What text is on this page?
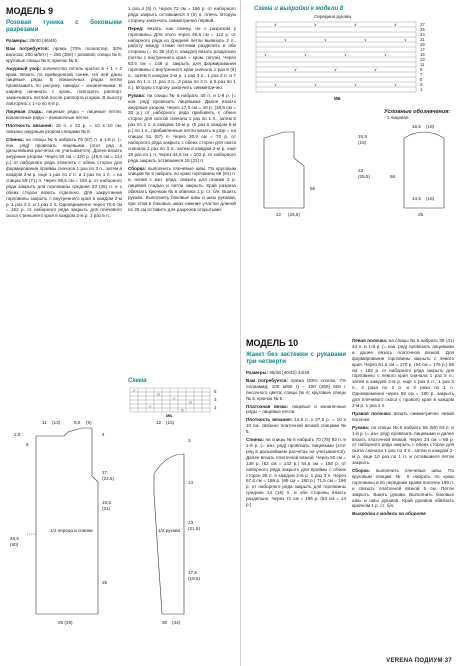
МОДЕЛЬ 9
Розовая туника с боковыми разрезами

Размеры: 38/40 (46/48)

Вам потребуется: пряжа (70% полиэстер, 30% вискоза; 200 м/50 г) – 250 (300) г розовой; спицы № 6; круговые спицы № 5; крючок № 6.

Ажурный узор: количество петель кратно 6 + 1 + 2 кром. Вязать по приведенной схеме. На ней даны лицевые ряды. В изнаночных рядах петли провязывать по рисунку, накиды – изнаночными. В ширину начинать с кром., повторять раппорт, заканчивать петлей после раппорта и кром. В высоту повторять с 1-го по 6-й р.

Лицевая гладь: лицевые ряды – лицевые петли, изнаночные ряды – изнаночные петли.

Плотность вязания: 15 п. х 23 р. = 10 х 10 см, связано ажурным узором спицами № 6.

Спинка: на спицы № 6 набрать 75 (87) п. и 1-й р. (= изн. ряд) провязать лицевыми (этот ряд в дальнейшем расчетах не учитывается). Далее вязать ажурным узором. Через 50 см = 120 р. (48,5 см = 114 р.) от наборного ряда отметить с обеих сторон для формирования проймы сначала 1 раз по 3 п., затем в каждом 2-м р. еще 1 раз по 2 п. и 1 раз по 1 п. = на спицах 59 (71) п. Через 69,5 см = 160 р. от наборного ряда закрыть для горловины средние 23 (25) п. и с обеих сторон вязать отдельно. Для закругления горловины закрыть с внутреннего края в каждом 2-м р. 1 раз 3 п. и 1 раз 2 п. Одновременно через 70,5 см = 162 р. от наборного ряда закрыть для плечевого скоса с внешнего края в каждом 2-м р. 1 раз 5 п.,

1 раз 4 (5) п. Через 72 см = 166 р. от наборного ряда закрыть оставшиеся 4 (5) п. плеча. Вторую сторону закончить симметрично первой.

Перед: вязать, как спинку, но с разрезом у горловины. Для этого через 48,5 см = 112 р. от наборного ряда из средней петли вывязать 2 п., работу между этими петлями разделить и обе стороны (= по 38 (44) п. каждая) вязать раздельно (петли с внутреннего края = кром. петли). Через 63,5 см = 146 р. закрыть для формирования горловины с внутреннего края сначала 1 раз 5 (6) п., затем в каждом 2-м р. 1 раз 3 п., 1 раз 2 п. и 7 раз по 1 п. (1 раз 3 п., 3 раза по 2 п. и 5 раз по 1 п.). Вторую сторону закончить симметрично.

Рукава: на спицы № 6 набрать 45 п. и 1-й р. (= изн. ряд) провязать лицевыми. Далее вязать ажурным узором. Через 17,5 см = 40 р. (18,5 см = 20 р.) от наборного ряда прибавить с обеих сторон для скосов сначала 1 раз по 1 п., затем 5 раз по 1 п. в каждом 10-м р. (5 раз в каждом 6-м р.) по 1 п., прибавленные петли вязать в узор = на спицах 51 (57) п. Через 30,5 см = 70 р. от наборного ряда закрыть с обеих сторон для оката сначала 1 раз по 3 п., затем в каждом 2-м р. еще 15 раз по 1 п. Через 44,5 см = 102 р. от наборного ряда закрыть оставшиеся 15 (21) п.

Сборка: выполнить плечевые швы. По круговым спицам № 5 набрать по краю горловины 69 (81) п. и, начав с изн. ряда, связать для планки 3 р. лицевой гладью и петли закрыть. Край разреза обвязать крючком № 6 обвязка 1 р. ст. б/н. Вшить рукава. Выполнить боковые швы и швы рукавов, при этом в боковых швах нижние участки длиной по 25 см оставить для разрезов открытыми.

Схема
∧
O
∧
O
∧
O
5
3
1
МБ
11 (13)	8,5 (9)
2,5
6
4
27
(24,5)
19,5
(21)
48,5
(50)
25
25 (29)
12 (15)
3
14
23
(21,5)
17,5
(18,5)
30 (34)
1/2 переда и спинки	1/2 рукава
Схема и выкройки к модели 8
Середина рукава
∨	∨	∨	∨
∨	∨	∨	∨
∨	∨	∨	∨
∨	∨	∨
∨	∨	∨	∨
27
25
23
21
19
17
15
13
11
9
7
5
3
1
МБ
Условные обозначения:
- 1 лицевая
15,5
(16)
23
(25,5)
56
22 (25,5)
16,5 (18)
56
14,5 (16)
25
МОДЕЛЬ 10
Жакет без застежки с рукавами три четверти

Размеры: 36/38 (40/42) 44/46

Вам потребуется: пряжа (93% хлопок, 7% полиамид; 100 м/50 г) – 400 (450) 500 г песочного цвета; спицы № 6; круговые спицы № 5; крючок № 5.

Платочная вязка: лицевые и изнаночные ряды – лицевые петли.

Плотность вязания: 14,5 п. х 27,5 р. = 10 х 10 см, связано платочной вязкой спицами № 6.

Спинка: на спицы № 6 набрать 70 (76) 82 п. и 1-й р. (= изн. ряд) провязать лицевыми (этот ряд в дальнейшем расчетах не учитывается). Далее вязать платочной вязкой. Через 50 см = 138 р. (52 см = 142 р.) 54,5 см = 150 р. от наборного ряда закрыть для проймы с обеих сторон 36 п. в каждом 2-м р. 1 раз 3 п. Через 67,5 см = 186 р. (69 см = 190 р.) 71,5 см = 196 р. от наборного ряда закрыть для горловины средние 14 (16) п. и обе стороны вязать раздельно. Через 71 см = 196 р. (63 см = 14 р.)

Левая полочка: на спицы № 6 набрать 38 (41) 44 п. и 1-й р. (= изн. ряд) провязать лицевыми и далее вязать платочной вязкой. Для формирования горловины закрыть с левого края. Через 61,5 см = 170 р. (64 см = 176 р.) 66 см = 182 р. от наборного ряда закрыть для горловины с левого края сначала 1 раз 5 п., затем в каждом 2-м р. еще 1 раз 4 п., 1 раз 3 п., 2 раза по 2 п. и 3 раза по 1 п. Одновременно через 69 см = 190 р. закрыть для плечевого скоса с правого края в каждом 2-м р. 1 раз 4 п.

Правая полочка: вязать симметрично левой полочке.

Рукава: на спицы № 6 набрать 55 (59) 63 п. и 1-й р. (= изн. ряд) провязать лицевыми и далее вязать платочной вязкой. Через 24 см = 66 р. от наборного ряда закрыть с обеих сторон для оката сначала 1 раз по 3 п., затем в каждом 2-м р. еще 10 раз по 1 п. и оставшиеся петли закрыть.

Сборка: выполнить плечевые швы. По круговым спицам № 5 набрать по краю горловины и по передним краям полочек 189 п. и связать платочной вязкой 5 см. Петли закрыть. Вшить рукава. Выполнить боковые швы и швы рукавов. Край рукавов обвязать крючком 1 р. ст. б/н.

Выкройки к модели на обороте

VERENA ПОДИУМ 37
